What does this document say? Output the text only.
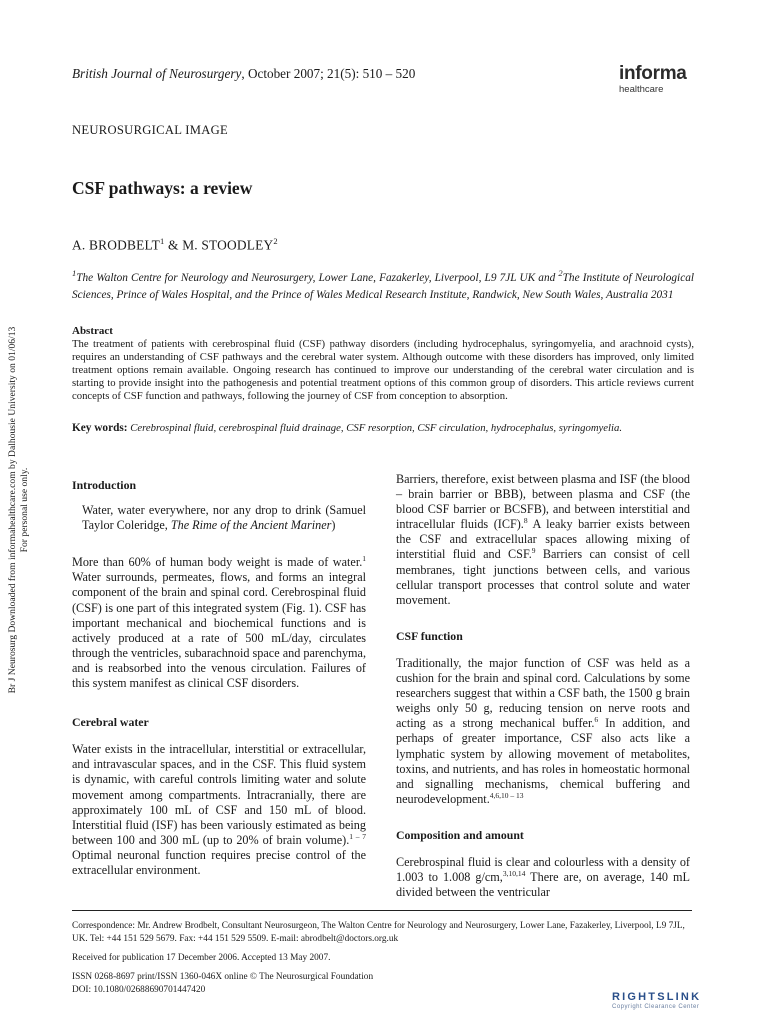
Br J Neurosurg Downloaded from informahealthcare.com by Dalhousie University on 01/06/13 For personal use only.
British Journal of Neurosurgery, October 2007; 21(5): 510 – 520	informa
healthcare
NEUROSURGICAL IMAGE
CSF pathways: a review
A. BRODBELT$^1$ & M. STOODLEY$^2$
$^1$The Walton Centre for Neurology and Neurosurgery, Lower Lane, Fazakerley, Liverpool, L9 7JL UK and $^2$The Institute of Neurological Sciences, Prince of Wales Hospital, and the Prince of Wales Medical Research Institute, Randwick, New South Wales, Australia 2031
Abstract
The treatment of patients with cerebrospinal fluid (CSF) pathway disorders (including hydrocephalus, syringomyelia, and arachnoid cysts), requires an understanding of CSF pathways and the cerebral water system. Although outcome with these disorders has improved, only limited treatment options remain available. Ongoing research has continued to improve our understanding of the cerebral water circulation and is starting to provide insight into the pathogenesis and potential treatment options of this common group of disorders. This article reviews current concepts of CSF function and pathways, following the journey of CSF from conception to absorption.
Key words: Cerebrospinal fluid, cerebrospinal fluid drainage, CSF resorption, CSF circulation, hydrocephalus, syringomyelia.
Introduction

Water, water everywhere, nor any drop to drink (Samuel Taylor Coleridge, The Rime of the Ancient Mariner)

More than 60% of human body weight is made of water.$^1$ Water surrounds, permeates, flows, and forms an integral component of the brain and spinal cord. Cerebrospinal fluid (CSF) is one part of this integrated system (Fig. 1). CSF has important mechanical and biochemical functions and is actively produced at a rate of 500 mL/day, circulates through the ventricles, subarachnoid space and parenchyma, and is reabsorbed into the venous circulation. Failures of this system manifest as clinical CSF disorders.

Cerebral water

Water exists in the intracellular, interstitial or extracellular, and intravascular spaces, and in the CSF. This fluid system is dynamic, with careful controls limiting water and solute movement among compartments. Intracranially, there are approximately 100 mL of CSF and 150 mL of blood. Interstitial fluid (ISF) has been variously estimated as being between 100 and 300 mL (up to 20% of brain volume).$^{1 - 7}$ Optimal neuronal function requires precise control of the extracellular environment.

Barriers, therefore, exist between plasma and ISF (the blood – brain barrier or BBB), between plasma and CSF (the blood CSF barrier or BCSFB), and between interstitial and intracellular fluids (ICF).$^8$ A leaky barrier exists between the CSF and extracellular spaces allowing mixing of interstitial fluid and CSF.$^9$ Barriers can consist of cell membranes, tight junctions between cells, and various cellular transport processes that control solute and water movement.

CSF function

Traditionally, the major function of CSF was held as a cushion for the brain and spinal cord. Calculations by some researchers suggest that within a CSF bath, the 1500 g brain weighs only 50 g, reducing tension on nerve roots and acting as a strong mechanical buffer.$^6$ In addition, and perhaps of greater importance, CSF also acts like a lymphatic system by allowing movement of metabolites, toxins, and nutrients, and has roles in homeostatic hormonal and signalling mechanisms, chemical buffering and neurodevelopment.$^{4,6,10 - 13}$

Composition and amount

Cerebrospinal fluid is clear and colourless with a density of 1.003 to 1.008 g/cm,$^{3,10,14}$ There are, on average, 140 mL divided between the ventricular

Correspondence: Mr. Andrew Brodbelt, Consultant Neurosurgeon, The Walton Centre for Neurology and Neurosurgery, Lower Lane, Fazakerley, Liverpool, L9 7JL, UK. Tel: +44 151 529 5679. Fax: +44 151 529 5509. E-mail: abrodbelt@doctors.org.uk
Received for publication 17 December 2006. Accepted 13 May 2007.
ISSN 0268-8697 print/ISSN 1360-046X online © The Neurosurgical Foundation
DOI: 10.1080/02688690701447420
RIGHTSLINK
Copyright Clearance Center
